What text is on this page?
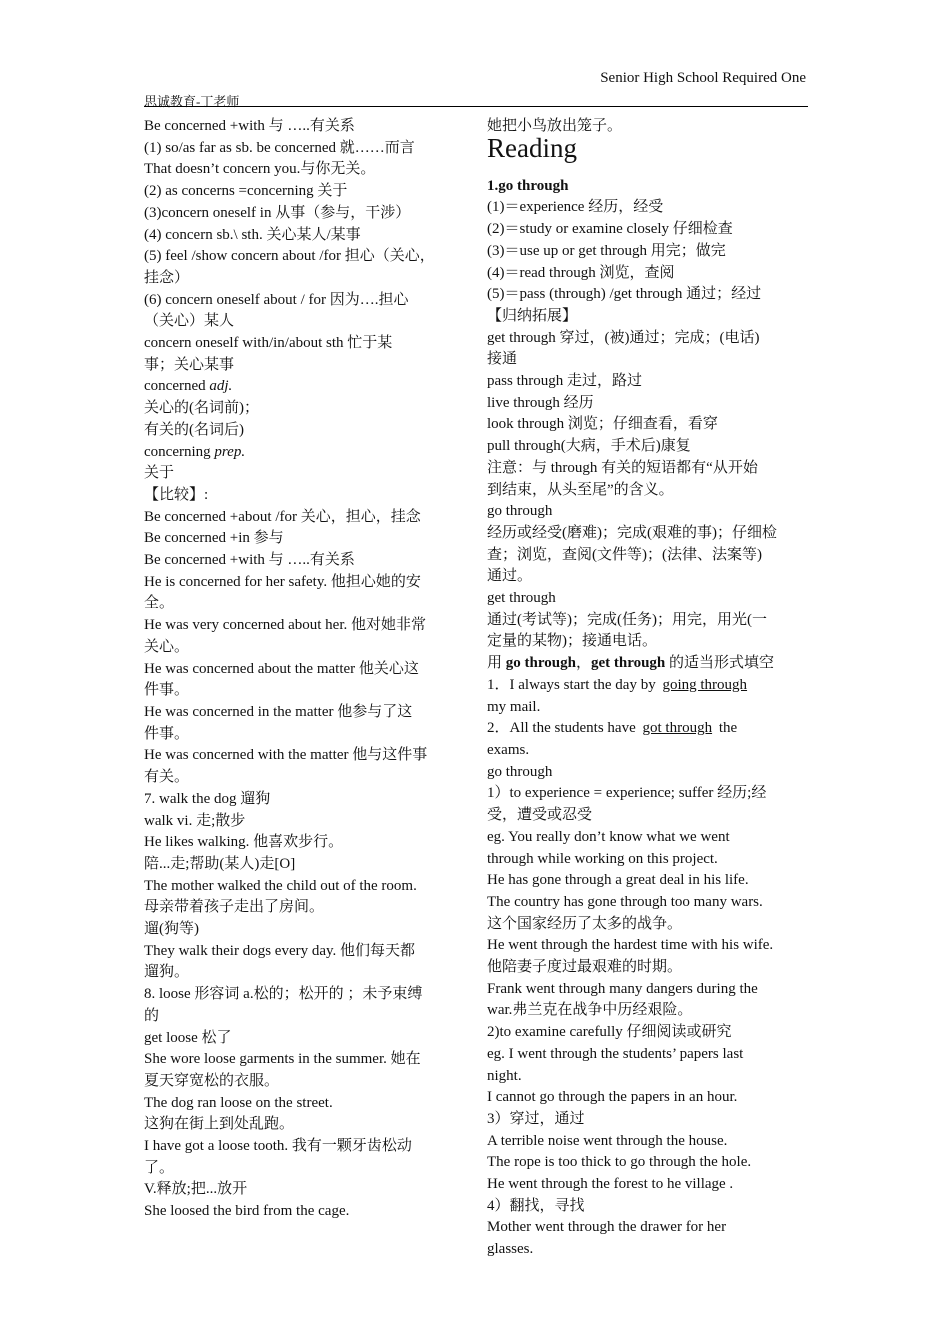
Senior High School Required One
思诚教育-丁老师
Be concerned +with 与 …..有关系
(1) so/as far as sb. be concerned 就……而言
That doesn’t concern you.与你无关。
(2) as concerns =concerning 关于
(3)concern oneself in 从事（参与，干涉）
(4) concern sb.\ sth. 关心某人/某事
(5) feel /show concern about /for 担心（关心，
挂念）
(6) concern oneself about / for 因为….担心
（关心）某人
concern oneself with/in/about sth 忙于某
事；关心某事
concerned adj.
关心的(名词前)；
有关的(名词后)
concerning prep.
关于
【比较】:
Be concerned +about /for 关心，担心，挂念
Be concerned +in 参与
Be concerned +with 与 …..有关系
He is concerned for her safety. 他担心她的安
全。
He was very concerned about her. 他对她非常
关心。
He was concerned about the matter 他关心这
件事。
He was concerned in the matter 他参与了这
件事。
He was concerned with the matter 他与这件事
有关。
7. walk the dog 遛狗
walk vi. 走;散步
He likes walking. 他喜欢步行。
陪...走;帮助(某人)走[O]
The mother walked the child out of the room.
母亲带着孩子走出了房间。
遛(狗等)
They walk their dogs every day. 他们每天都
遛狗。
8. loose 形容词 a.松的；松开的 ；未予束缚
的
get loose 松了
She wore loose garments in the summer. 她在
夏天穿宽松的衣服。
The dog ran loose on the street.
这狗在街上到处乱跑。
I have got a loose tooth. 我有一颗牙齿松动
了。
V.释放;把...放开
She loosed the bird from the cage.
她把小鸟放出笼子。
Reading
1.go through
(1)＝experience 经历，经受
(2)＝study or examine closely 仔细检查
(3)＝use up or get through 用完；做完
(4)＝read through 浏览，查阅
(5)＝pass (through) /get through 通过；经过
【归纳拓展】
get through 穿过，(被)通过；完成；(电话)
接通
pass through 走过，路过
live through 经历
look through 浏览；仔细查看，看穿
pull through(大病，手术后)康复
注意：与 through 有关的短语都有“从开始
到结束，从头至尾”的含义。
go through
经历或经受(磨难)；完成(艰难的事)；仔细检
查；浏览，查阅(文件等)；(法律、法案等)
通过。
get through
通过(考试等)；完成(任务)；用完，用光(一
定量的某物)；接通电话。
用 go through，get through 的适当形式填空
1．I always start the day by going through
my mail.
2．All the students have got through the
exams.
go through
1）to experience = experience; suffer 经历;经
受，遭受或忍受
eg. You really don’t know what we went
through while working on this project.
He has gone through a great deal in his life.
The country has gone through too many wars.
这个国家经历了太多的战争。
He went through the hardest time with his wife.
他陪妻子度过最艰难的时期。
Frank went through many dangers during the
war.弗兰克在战争中历经艰险。
2)to examine carefully 仔细阅读或研究
eg. I went through the students’ papers last
night.
I cannot go through the papers in an hour.
3）穿过，通过
A terrible noise went through the house.
The rope is too thick to go through the hole.
He went through the forest to he village .
4）翻找，寻找
Mother went through the drawer for her
glasses.
